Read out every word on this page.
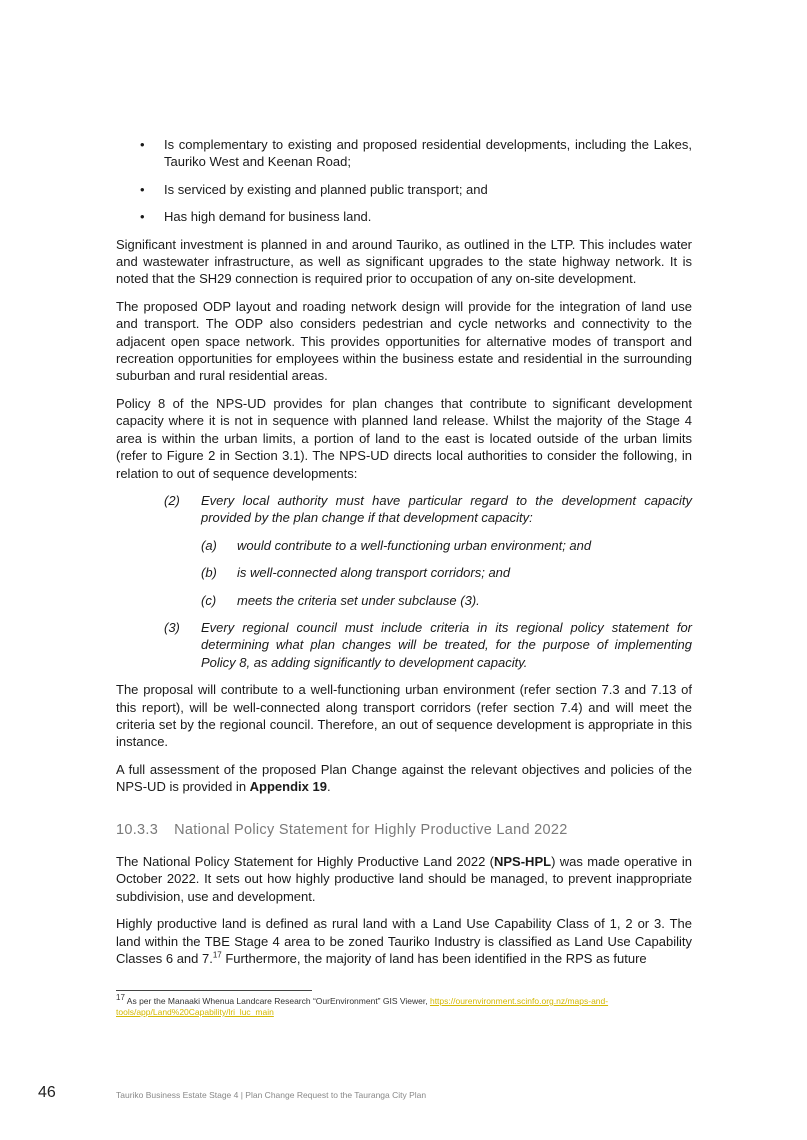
• Is complementary to existing and proposed residential developments, including the Lakes, Tauriko West and Keenan Road;
• Is serviced by existing and planned public transport; and
• Has high demand for business land.

Significant investment is planned in and around Tauriko, as outlined in the LTP. This includes water and wastewater infrastructure, as well as significant upgrades to the state highway network. It is noted that the SH29 connection is required prior to occupation of any on-site development.

The proposed ODP layout and roading network design will provide for the integration of land use and transport. The ODP also considers pedestrian and cycle networks and connectivity to the adjacent open space network. This provides opportunities for alternative modes of transport and recreation opportunities for employees within the business estate and residential in the surrounding suburban and rural residential areas.

Policy 8 of the NPS-UD provides for plan changes that contribute to significant development capacity where it is not in sequence with planned land release. Whilst the majority of the Stage 4 area is within the urban limits, a portion of land to the east is located outside of the urban limits (refer to Figure 2 in Section 3.1). The NPS-UD directs local authorities to consider the following, in relation to out of sequence developments:

(2) Every local authority must have particular regard to the development capacity provided by the plan change if that development capacity:
(a) would contribute to a well-functioning urban environment; and
(b) is well-connected along transport corridors; and
(c) meets the criteria set under subclause (3).
(3) Every regional council must include criteria in its regional policy statement for determining what plan changes will be treated, for the purpose of implementing Policy 8, as adding significantly to development capacity.

The proposal will contribute to a well-functioning urban environment (refer section 7.3 and 7.13 of this report), will be well-connected along transport corridors (refer section 7.4) and will meet the criteria set by the regional council. Therefore, an out of sequence development is appropriate in this instance.

A full assessment of the proposed Plan Change against the relevant objectives and policies of the NPS-UD is provided in Appendix 19.

10.3.3 National Policy Statement for Highly Productive Land 2022

The National Policy Statement for Highly Productive Land 2022 (NPS-HPL) was made operative in October 2022. It sets out how highly productive land should be managed, to prevent inappropriate subdivision, use and development.

Highly productive land is defined as rural land with a Land Use Capability Class of 1, 2 or 3. The land within the TBE Stage 4 area to be zoned Tauriko Industry is classified as Land Use Capability Classes 6 and 7.17 Furthermore, the majority of land has been identified in the RPS as future

$^{17}$ As per the Manaaki Whenua Landcare Research “OurEnvironment” GIS Viewer, https://ourenvironment.scinfo.org.nz/maps-and-tools/app/Land%20Capability/lri_luc_main
46	Tauriko Business Estate Stage 4 | Plan Change Request to the Tauranga City Plan
